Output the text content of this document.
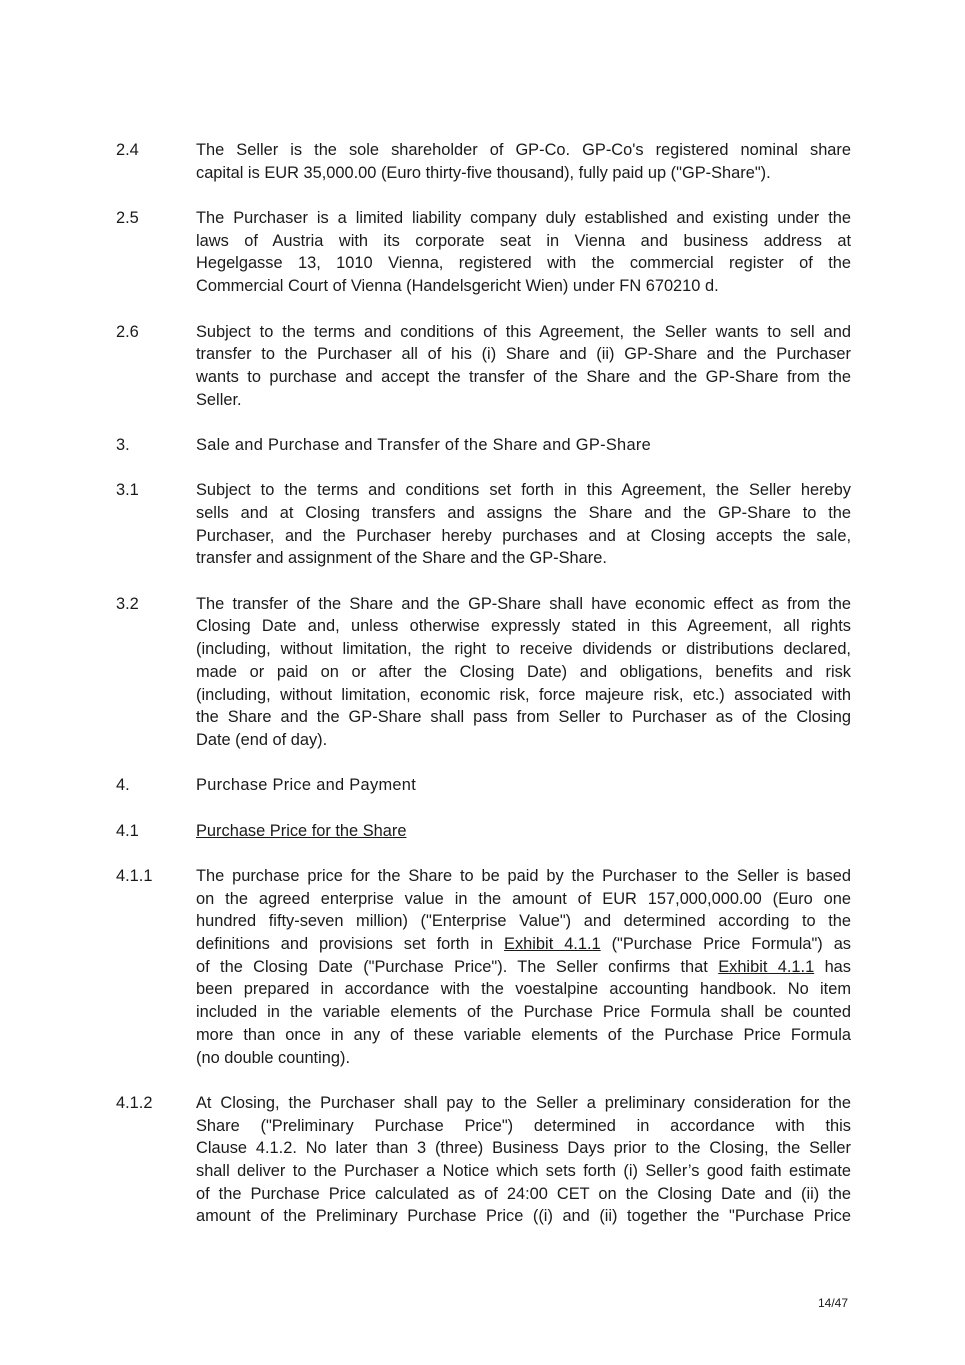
2.4	The Seller is the sole shareholder of GP-Co. GP-Co's registered nominal share
capital is EUR 35,000.00 (Euro thirty-five thousand), fully paid up ("GP-Share").
2.5	The Purchaser is a limited liability company duly established and existing under the
laws of Austria with its corporate seat in Vienna and business address at
Hegelgasse 13, 1010 Vienna, registered with the commercial register of the
Commercial Court of Vienna (Handelsgericht Wien) under FN 670210 d.
2.6	Subject to the terms and conditions of this Agreement, the Seller wants to sell and
transfer to the Purchaser all of his (i) Share and (ii) GP-Share and the Purchaser
wants to purchase and accept the transfer of the Share and the GP-Share from the
Seller.
3.	Sale and Purchase and Transfer of the Share and GP-Share
3.1	Subject to the terms and conditions set forth in this Agreement, the Seller hereby
sells and at Closing transfers and assigns the Share and the GP-Share to the
Purchaser, and the Purchaser hereby purchases and at Closing accepts the sale,
transfer and assignment of the Share and the GP-Share.
3.2	The transfer of the Share and the GP-Share shall have economic effect as from the
Closing Date and, unless otherwise expressly stated in this Agreement, all rights
(including, without limitation, the right to receive dividends or distributions declared,
made or paid on or after the Closing Date) and obligations, benefits and risk
(including, without limitation, economic risk, force majeure risk, etc.) associated with
the Share and the GP-Share shall pass from Seller to Purchaser as of the Closing
Date (end of day).
4.	Purchase Price and Payment
4.1	Purchase Price for the Share
4.1.1	The purchase price for the Share to be paid by the Purchaser to the Seller is based
on the agreed enterprise value in the amount of EUR 157,000,000.00 (Euro one
hundred fifty-seven million) ("Enterprise Value") and determined according to the
definitions and provisions set forth in Exhibit 4.1.1 ("Purchase Price Formula") as
of the Closing Date ("Purchase Price"). The Seller confirms that Exhibit 4.1.1 has
been prepared in accordance with the voestalpine accounting handbook. No item
included in the variable elements of the Purchase Price Formula shall be counted
more than once in any of these variable elements of the Purchase Price Formula
(no double counting).
4.1.2	At Closing, the Purchaser shall pay to the Seller a preliminary consideration for the
Share ("Preliminary Purchase Price") determined in accordance with this
Clause 4.1.2. No later than 3 (three) Business Days prior to the Closing, the Seller
shall deliver to the Purchaser a Notice which sets forth (i) Seller’s good faith estimate
of the Purchase Price calculated as of 24:00 CET on the Closing Date and (ii) the
amount of the Preliminary Purchase Price ((i) and (ii) together the "Purchase Price
14/47
